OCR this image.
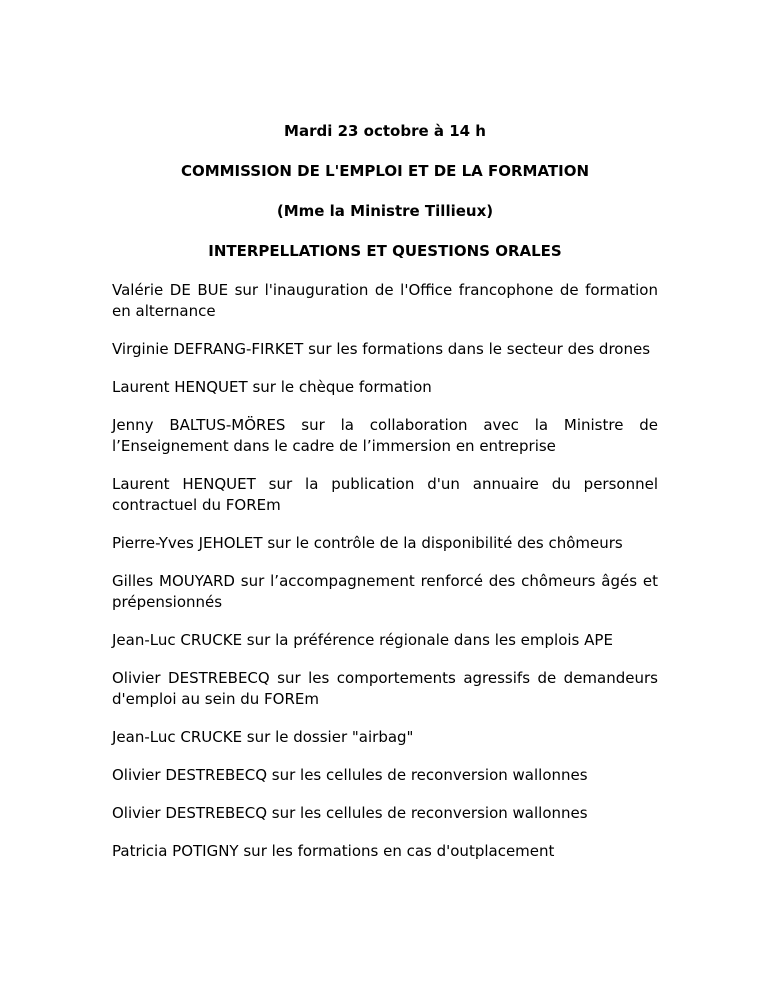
Mardi 23 octobre à 14 h
COMMISSION DE L'EMPLOI ET DE LA FORMATION
(Mme la Ministre Tillieux)
INTERPELLATIONS ET QUESTIONS ORALES
Valérie DE BUE sur l'inauguration de l'Office francophone de formation en alternance
Virginie DEFRANG-FIRKET sur les formations dans le secteur des drones
Laurent HENQUET sur le chèque formation
Jenny BALTUS-MÖRES sur la collaboration avec la Ministre de l’Enseignement dans le cadre de l’immersion en entreprise
Laurent HENQUET sur la publication d'un annuaire du personnel contractuel du FOREm
Pierre-Yves JEHOLET sur le contrôle de la disponibilité des chômeurs
Gilles MOUYARD sur l’accompagnement renforcé des chômeurs âgés et prépensionnés
Jean-Luc CRUCKE sur la préférence régionale dans les emplois APE
Olivier DESTREBECQ sur les comportements agressifs de demandeurs d'emploi au sein du FOREm
Jean-Luc CRUCKE sur le dossier "airbag"
Olivier DESTREBECQ sur les cellules de reconversion wallonnes
Olivier DESTREBECQ sur les cellules de reconversion wallonnes
Patricia POTIGNY sur les formations en cas d'outplacement
